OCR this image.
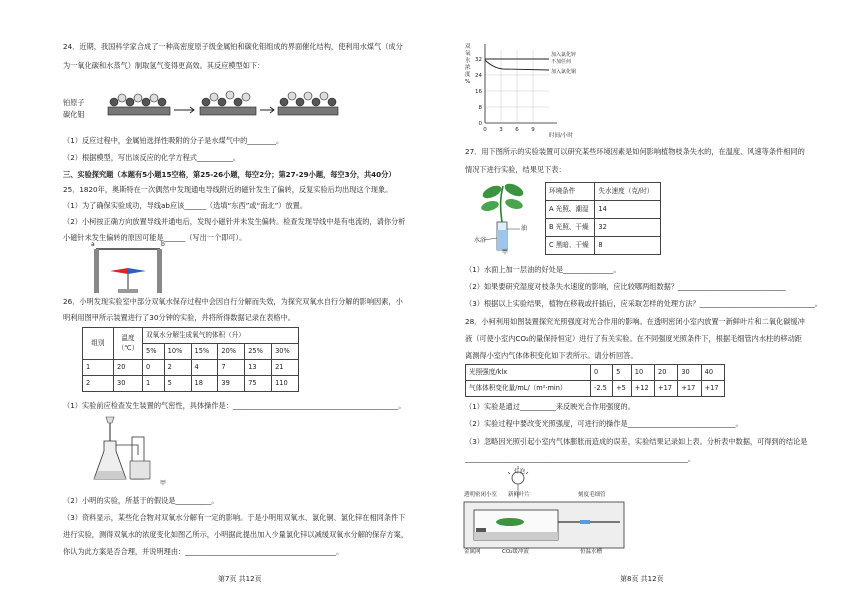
24．近期，我国科学家合成了一种高密度原子级金属铂和碳化钼组成的界面催化结构，使利用水煤气（成分
为一氧化碳和水蒸气）制取氢气变得更高效。其反应模型如下：
铂原子
碳化钼
（1）反应过程中，金属铂选择性吸附的分子是水煤气中的________。
（2）根据模型，写出该反应的化学方程式__________。
三、实验探究题（本题有5小题15空格，第25-26小题，每空2分；第27-29小题，每空3分，共40分）
25．1820年，奥斯特在一次偶然中发现通电导线附近的磁针发生了偏转，反复实验后均出现这个现象。
（1）为了确保实验成功，导线ab应该______（选填“东西”或“南北”）放置。
（2）小柯按正确方向放置导线并通电后，发现小磁针并未发生偏转。检查发现导线中是有电流的，请你分析
小磁针未发生偏转的原因可能是______（写出一个即可）。
a	b
26．小明发现实验室中部分双氧水保存过程中会因自行分解而失效，为探究双氧水自行分解的影响因素，小
明利用图甲所示装置进行了30分钟的实验，并将所得数据记录在表格中。
组别	温度
（℃）	双氧水分解生成氧气的体积（升）					
		5%	10%	15%	20%	25%	30%
1	20	0	2	4	7	13	21
2	30	1	5	18	39	75	110
（1）实验前应检查发生装置的气密性，具体操作是：______________________________________________。
甲
（2）小明的实验，所基于的假设是__________。
（3）资料显示，某些化合物对双氧水分解有一定的影响。于是小明用双氧水、氯化铜、氯化锌在相同条件下
进行实验，测得双氧水的浓度变化如图乙所示，小明据此提出加入少量氯化锌以减缓双氧水分解的保存方案，
你认为此方案是否合理，并说明理由：__________________________________________。
第7页 共12页
双
氧
水
浓
度
%
32
24
16
8
0
0 3 6 9
时间/小时
加入氯化锌
不加任何
加入氯化铜
27．用下图所示的实验装置可以研究某些环境因素是如何影响植物枝条失水的，在温度、风速等条件相同的
情况下进行实验，结果见下表：
油
水浴
甲
环境条件	失水速度（克/时）
A 光照、潮湿	14
B 光照、干燥	32
C 黑暗、干燥	8
（1）水面上加一层油的好处是______________。
（2）如果要研究湿度对枝条失水速度的影响，应比较哪两组数据？______________________________
（3）根据以上实验结果，植物在移栽或扦插后，应采取怎样的处理方法？________________________________。
28．小柯利用如图装置探究光照强度对光合作用的影响。在透明密闭小室内放置一新鲜叶片和二氧化碳缓冲
液（可使小室内CO₂的量保持恒定）进行了有关实验。在不同强度光照条件下，根据毛细管内水柱的移动距
离测得小室内气体体积变化如下表所示。请分析回答。
光照强度/klx	0	5	10	20	30	40
气体体积变化量/mL/（m²·min）	-2.5	+5	+12	+17	+17	+17
（1）实验是通过__________来反映光合作用强度的。
（2）实验过程中要改变光照强度，可进行的操作是______________________________。
（3）忽略因光照引起小室内气体膨胀而造成的误差，实验结果记录如上表。分析表中数据，可得到的结论是
______________________________________________________________。
灯泡
透明密闭小室 新鲜叶片	刻度毛细管
金属网	CO₂缓冲液	恒温水槽
第8页 共12页
